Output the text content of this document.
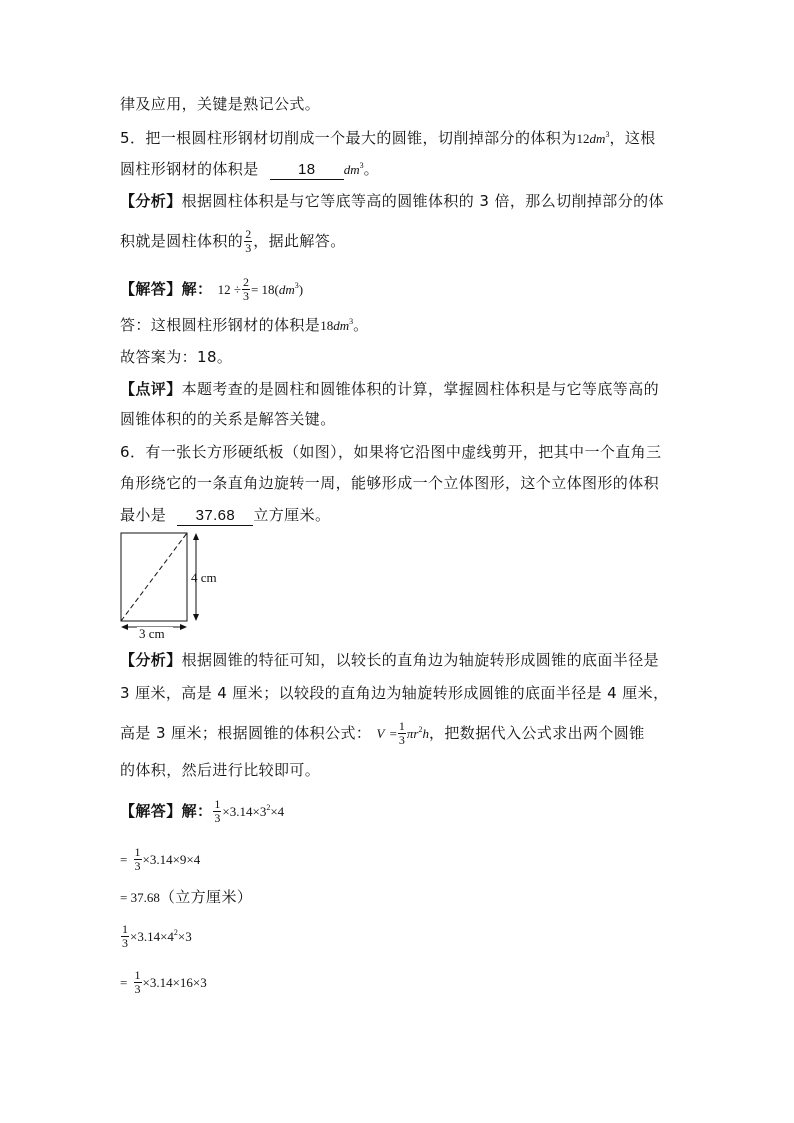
律及应用，关键是熟记公式。
5．把一根圆柱形钢材切削成一个最大的圆锥，切削掉部分的体积为$12dm^3$，这根
圆柱形钢材的体积是	18 $dm^3$。
【分析】根据圆柱体积是与它等底等高的圆锥体积的 3 倍，那么切削掉部分的体
积就是圆柱体积的 $\frac{2}{3}$ ，据此解答。
【解答】解： $12 \div \frac{2}{3} = 18(dm^3)$
答：这根圆柱形钢材的体积是$18dm^3$。
故答案为：18。
【点评】本题考查的是圆柱和圆锥体积的计算，掌握圆柱体积是与它等底等高的
圆锥体积的的关系是解答关键。
6．有一张长方形硬纸板（如图），如果将它沿图中虚线剪开，把其中一个直角三
角形绕它的一条直角边旋转一周，能够形成一个立体图形，这个立体图形的体积
最小是 37.68 立方厘米。
4 cm
3 cm
【分析】根据圆锥的特征可知，以较长的直角边为轴旋转形成圆锥的底面半径是
3 厘米，高是 4 厘米；以较段的直角边为轴旋转形成圆锥的底面半径是 4 厘米，
高是 3 厘米；根据圆锥的体积公式： $V = \frac{1}{3} \pi r^2h$，把数据代入公式求出两个圆锥
的体积，然后进行比较即可。
【解答】解： $\frac{1}{3} \times 3.14\times 3^2\times 4$
= $\frac{1}{3} \times 3.14\times 9\times 4$
= 37.68（立方厘米）
$\frac{1}{3} \times 3.14\times 4^2\times 3$
= $\frac{1}{3} \times 3.14\times 16\times 3$
